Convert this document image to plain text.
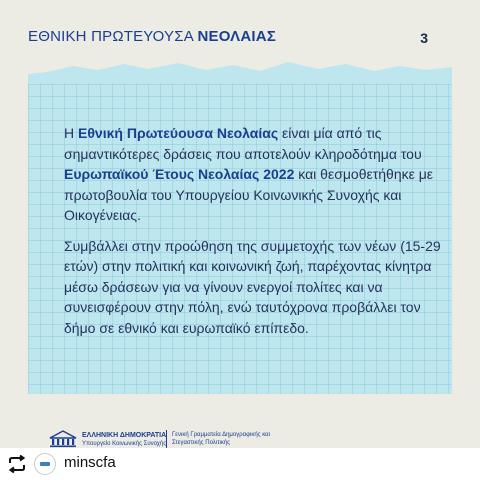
ΕΘΝΙΚΗ ΠΡΩΤΕΥΟΥΣΑ ΝΕΟΛΑΙΑΣ	3

Η Εθνική Πρωτεύουσα Νεολαίας είναι μία από τις σημαντικότερες δράσεις που αποτελούν κληροδότημα του Ευρωπαϊκού Έτους Νεολαίας 2022 και θεσμοθετήθηκε με πρωτοβουλία του Υπουργείου Κοινωνικής Συνοχής και Οικογένειας.

Συμβάλλει στην προώθηση της συμμετοχής των νέων (15-29 ετών) στην πολιτική και κοινωνική ζωή, παρέχοντας κίνητρα μέσω δράσεων για να γίνουν ενεργοί πολίτες και να συνεισφέρουν στην πόλη, ενώ ταυτόχρονα προβάλλει τον δήμο σε εθνικό και ευρωπαϊκό επίπεδο.

ΕΛΛΗΝΙΚΗ ΔΗΜΟΚΡΑΤΙΑ
Υπουργείο Κοινωνικής Συνοχής
Γενική Γραμματεία Δημογραφικής και Στεγαστικής Πολιτικής
minscfa
